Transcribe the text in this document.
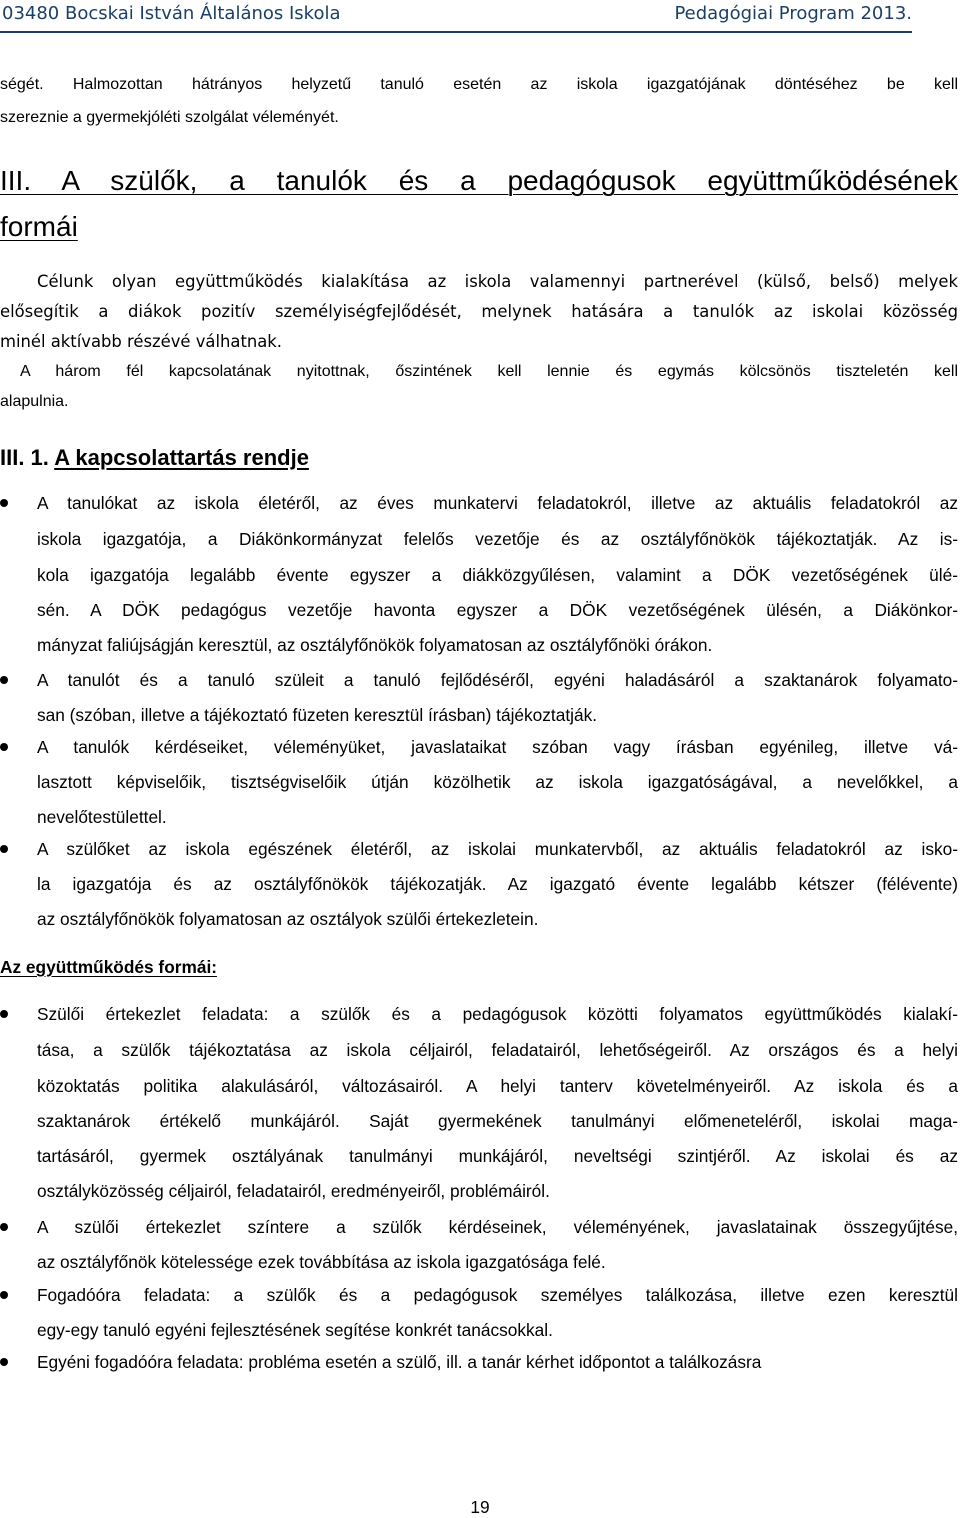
03480 Bocskai István Általános Iskola	Pedagógiai Program 2013.
ségét. Halmozottan hátrányos helyzetű tanuló esetén az iskola igazgatójának döntéséhez be kell
szereznie a gyermekjóléti szolgálat véleményét.
III. A szülők, a tanulók és a pedagógusok együttműködésének
formái
Célunk olyan együttműködés kialakítása az iskola valamennyi partnerével (külső, belső) melyek
elősegítik a diákok pozitív személyiségfejlődését, melynek hatására a tanulók az iskolai közösség
minél aktívabb részévé válhatnak.
A három fél kapcsolatának nyitottnak, őszintének kell lennie és egymás kölcsönös tiszteletén kell
alapulnia.
III. 1. A kapcsolattartás rendje
A tanulókat az iskola életéről, az éves munkatervi feladatokról, illetve az aktuális feladatokról az
iskola igazgatója, a Diákönkormányzat felelős vezetője és az osztályfőnökök tájékoztatják. Az is-
kola igazgatója legalább évente egyszer a diákközgyűlésen, valamint a DÖK vezetőségének ülé-
sén. A DÖK pedagógus vezetője havonta egyszer a DÖK vezetőségének ülésén, a Diákönkor-
mányzat faliújságján keresztül, az osztályfőnökök folyamatosan az osztályfőnöki órákon.
A tanulót és a tanuló szüleit a tanuló fejlődéséről, egyéni haladásáról a szaktanárok folyamato-
san (szóban, illetve a tájékoztató füzeten keresztül írásban) tájékoztatják.
A tanulók kérdéseiket, véleményüket, javaslataikat szóban vagy írásban egyénileg, illetve vá-
lasztott képviselőik, tisztségviselőik útján közölhetik az iskola igazgatóságával, a nevelőkkel, a
nevelőtestülettel.
A szülőket az iskola egészének életéről, az iskolai munkatervből, az aktuális feladatokról az isko-
la igazgatója és az osztályfőnökök tájékozatják. Az igazgató évente legalább kétszer (félévente)
az osztályfőnökök folyamatosan az osztályok szülői értekezletein.
Az együttműködés formái:
Szülői értekezlet feladata: a szülők és a pedagógusok közötti folyamatos együttműködés kialakí-
tása, a szülők tájékoztatása az iskola céljairól, feladatairól, lehetőségeiről. Az országos és a helyi
közoktatás politika alakulásáról, változásairól. A helyi tanterv követelményeiről. Az iskola és a
szaktanárok értékelő munkájáról. Saját gyermekének tanulmányi előmeneteléről, iskolai maga-
tartásáról, gyermek osztályának tanulmányi munkájáról, neveltségi szintjéről. Az iskolai és az
osztályközösség céljairól, feladatairól, eredményeiről, problémáiról.
A szülői értekezlet színtere a szülők kérdéseinek, véleményének, javaslatainak összegyűjtése,
az osztályfőnök kötelessége ezek továbbítása az iskola igazgatósága felé.
Fogadóóra feladata: a szülők és a pedagógusok személyes találkozása, illetve ezen keresztül
egy-egy tanuló egyéni fejlesztésének segítése konkrét tanácsokkal.
Egyéni fogadóóra feladata: probléma esetén a szülő, ill. a tanár kérhet időpontot a találkozásra
19
